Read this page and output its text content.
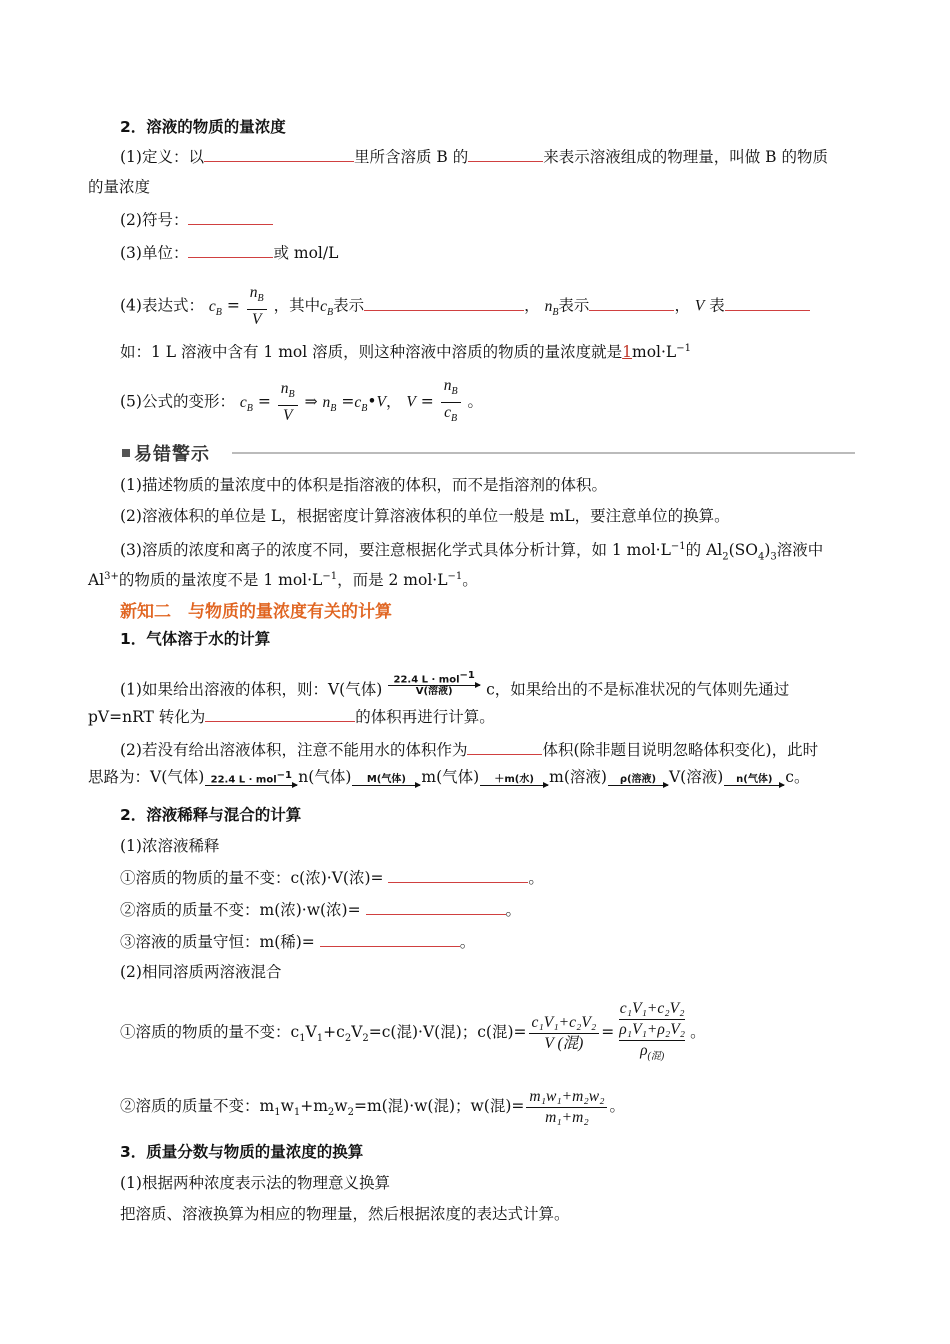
2．溶液的物质的量浓度
(1)定义：以	里所含溶质 B 的	来表示溶液组成的物理量，叫做 B 的物质
的量浓度
(2)符号：
(3)单位：	或 mol/L
(4)表达式： $c_B = \frac{n_B}{V}$ ，其中$c_B$表示	， $n_B$表示	， V 表
如：1 L 溶液中含有 1 mol 溶质，则这种溶液中溶质的物质的量浓度就是$1mol\cdot L^{-1}$
(5)公式的变形： $c_B = \frac{n_B}{V}$ ⇒ $n_B$ $=c_B•V$， $V = \frac{n_B}{c_B}$ 。
易错警示
(1)描述物质的量浓度中的体积是指溶液的体积，而不是指溶剂的体积。
(2)溶液体积的单位是 L，根据密度计算溶液体积的单位一般是 mL，要注意单位的换算。
(3)溶质的浓度和离子的浓度不同，要注意根据化学式具体分析计算，如 1 $mol\cdot L^{-1}$的 $Al_2(SO_4)_3$溶液中
$Al^{3+}$的物质的量浓度不是 1 $mol\cdot L^{-1}$，而是 2 $mol\cdot L^{-1}$。
新知二　与物质的量浓度有关的计算
1．气体溶于水的计算
(1)如果给出溶液的体积，则：V(气体)
22.4 L · mol$^{-1}$
V(溶液)	c，如果给出的不是标准状况的气体则先通过
pV=nRT 转化为	的体积再进行计算。
(2)若没有给出溶液体积，注意不能用水的体积作为	体积(除非题目说明忽略体积变化)，此时
思路为：V(气体) 22.4 L · mol$^{-1}$ n(气体)	M(气体) m(气体)	＋m(水) m(溶液)	ρ(溶液) V(溶液)	n(气体) c。
2．溶液稀释与混合的计算
(1)浓溶液稀释
①溶质的物质的量不变：c(浓)·V(浓)=	。
②溶质的质量不变：m(浓)·w(浓)=	。
③溶液的质量守恒：m(稀)=	。
(2)相同溶质两溶液混合
①溶质的物质的量不变：$c_1V_1+c_2V_2=c$(混)·V(混)；c(混)= $\frac{\text{c₁V₁+c₂V₂}}{\text{V (混)}}$ =
c₁V₁+c₂V₂
ρ₁V₁+ρ₂V₂
$\rho_{(混)}$
。
②溶质的质量不变：$m_1w_1+m_2w_2=m$(混)·w(混)；w(混)= $\frac{\text{m₁w₁+m₂w₂}}{\text{m₁+m₂}}$ 。
3．质量分数与物质的量浓度的换算
(1)根据两种浓度表示法的物理意义换算
把溶质、溶液换算为相应的物理量，然后根据浓度的表达式计算。
